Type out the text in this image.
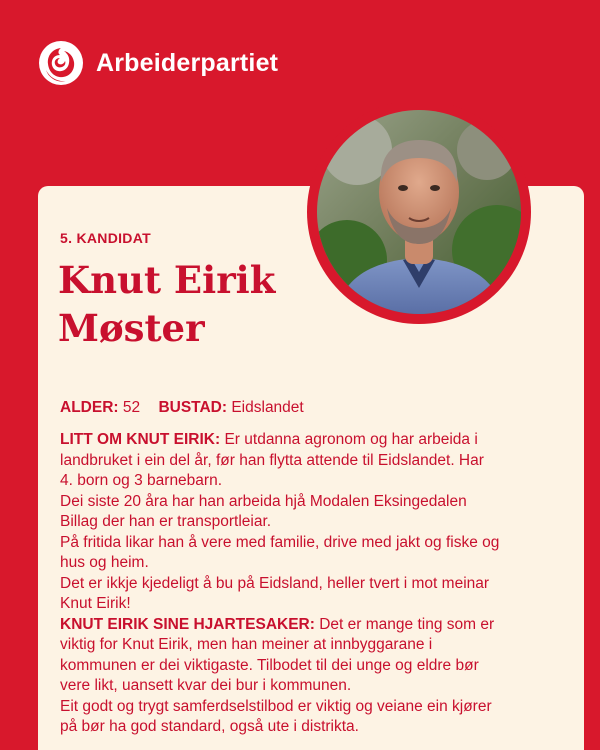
Arbeiderpartiet
5. KANDIDAT
Knut Eirik
Møster
ALDER: 52 BUSTAD: Eidslandet
LITT OM KNUT EIRIK: Er utdanna agronom og har arbeida i
landbruket i ein del år, før han flytta attende til Eidslandet. Har
4. born og 3 barnebarn.
Dei siste 20 åra har han arbeida hjå Modalen Eksingedalen
Billag der han er transportleiar.
På fritida likar han å vere med familie, drive med jakt og fiske og
hus og heim.
Det er ikkje kjedeligt å bu på Eidsland, heller tvert i mot meinar
Knut Eirik!
KNUT EIRIK SINE HJARTESAKER: Det er mange ting som er
viktig for Knut Eirik, men han meiner at innbyggarane i
kommunen er dei viktigaste. Tilbodet til dei unge og eldre bør
vere likt, uansett kvar dei bur i kommunen.
Eit godt og trygt samferdselstilbod er viktig og veiane ein kjører
på bør ha god standard, også ute i distrikta.
